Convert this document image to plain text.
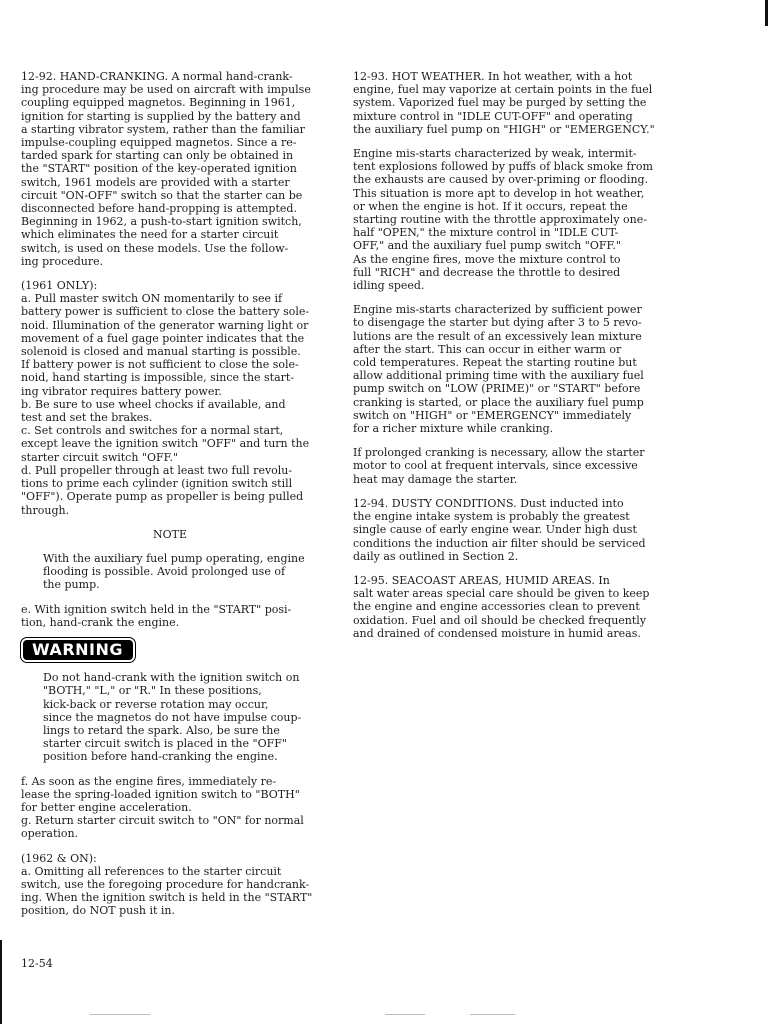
12-92. HAND-CRANKING. A normal hand-crank-
ing procedure may be used on aircraft with impulse
coupling equipped magnetos. Beginning in 1961,
ignition for starting is supplied by the battery and
a starting vibrator system, rather than the familiar
impulse-coupling equipped magnetos. Since a re-
tarded spark for starting can only be obtained in
the "START" position of the key-operated ignition
switch, 1961 models are provided with a starter
circuit "ON-OFF" switch so that the starter can be
disconnected before hand-propping is attempted.
Beginning in 1962, a push-to-start ignition switch,
which eliminates the need for a starter circuit
switch, is used on these models. Use the follow-
ing procedure.

(1961 ONLY):

a. Pull master switch ON momentarily to see if
battery power is sufficient to close the battery sole-
noid. Illumination of the generator warning light or
movement of a fuel gage pointer indicates that the
solenoid is closed and manual starting is possible.
If battery power is not sufficient to close the sole-
noid, hand starting is impossible, since the start-
ing vibrator requires battery power.
b. Be sure to use wheel chocks if available, and
test and set the brakes.
c. Set controls and switches for a normal start,
except leave the ignition switch "OFF" and turn the
starter circuit switch "OFF."
d. Pull propeller through at least two full revolu-
tions to prime each cylinder (ignition switch still
"OFF"). Operate pump as propeller is being pulled
through.

NOTE

With the auxiliary fuel pump operating, engine
flooding is possible. Avoid prolonged use of
the pump.

e. With ignition switch held in the "START" posi-
tion, hand-crank the engine.

WARNING

Do not hand-crank with the ignition switch on
"BOTH," "L," or "R." In these positions,
kick-back or reverse rotation may occur,
since the magnetos do not have impulse coup-
lings to retard the spark. Also, be sure the
starter circuit switch is placed in the "OFF"
position before hand-cranking the engine.

f. As soon as the engine fires, immediately re-
lease the spring-loaded ignition switch to "BOTH"
for better engine acceleration.
g. Return starter circuit switch to "ON" for normal
operation.

(1962 & ON):

a. Omitting all references to the starter circuit
switch, use the foregoing procedure for handcrank-
ing. When the ignition switch is held in the "START"
position, do NOT push it in.

12-93. HOT WEATHER. In hot weather, with a hot
engine, fuel may vaporize at certain points in the fuel
system. Vaporized fuel may be purged by setting the
mixture control in "IDLE CUT-OFF" and operating
the auxiliary fuel pump on "HIGH" or "EMERGENCY."

Engine mis-starts characterized by weak, intermit-
tent explosions followed by puffs of black smoke from
the exhausts are caused by over-priming or flooding.
This situation is more apt to develop in hot weather,
or when the engine is hot. If it occurs, repeat the
starting routine with the throttle approximately one-
half "OPEN," the mixture control in "IDLE CUT-
OFF," and the auxiliary fuel pump switch "OFF."
As the engine fires, move the mixture control to
full "RICH" and decrease the throttle to desired
idling speed.

Engine mis-starts characterized by sufficient power
to disengage the starter but dying after 3 to 5 revo-
lutions are the result of an excessively lean mixture
after the start. This can occur in either warm or
cold temperatures. Repeat the starting routine but
allow additional priming time with the auxiliary fuel
pump switch on "LOW (PRIME)" or "START" before
cranking is started, or place the auxiliary fuel pump
switch on "HIGH" or "EMERGENCY" immediately
for a richer mixture while cranking.

If prolonged cranking is necessary, allow the starter
motor to cool at frequent intervals, since excessive
heat may damage the starter.

12-94. DUSTY CONDITIONS. Dust inducted into
the engine intake system is probably the greatest
single cause of early engine wear. Under high dust
conditions the induction air filter should be serviced
daily as outlined in Section 2.

12-95. SEACOAST AREAS, HUMID AREAS. In
salt water areas special care should be given to keep
the engine and engine accessories clean to prevent
oxidation. Fuel and oil should be checked frequently
and drained of condensed moisture in humid areas.

12-54
